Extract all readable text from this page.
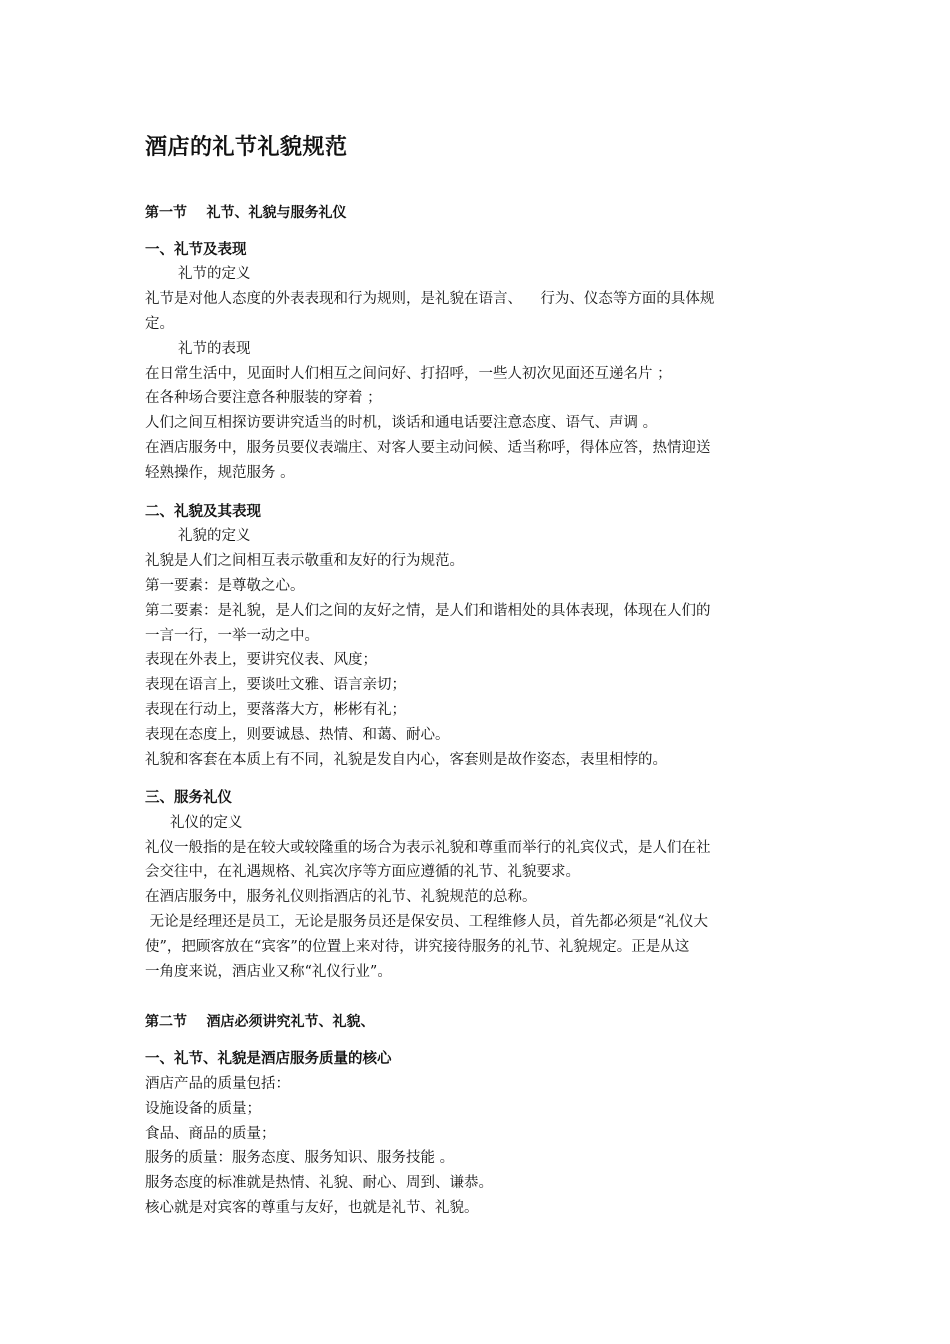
酒店的礼节礼貌规范
第一节    礼节、礼貌与服务礼仪
一、礼节及表现
礼节的定义
礼节是对他人态度的外表表现和行为规则，是礼貌在语言、    行为、仪态等方面的具体规
定。
礼节的表现
在日常生活中，见面时人们相互之间问好、打招呼，一些人初次见面还互递名片 ；
在各种场合要注意各种服装的穿着 ；
人们之间互相探访要讲究适当的时机，谈话和通电话要注意态度、语气、声调 。
在酒店服务中，服务员要仪表端庄、对客人要主动问候、适当称呼，得体应答，热情迎送
轻熟操作，规范服务 。
二、礼貌及其表现
礼貌的定义
礼貌是人们之间相互表示敬重和友好的行为规范。
第一要素：是尊敬之心。
第二要素：是礼貌，是人们之间的友好之情，是人们和谐相处的具体表现，体现在人们的
一言一行，一举一动之中。
表现在外表上，要讲究仪表、风度；
表现在语言上，要谈吐文雅、语言亲切；
表现在行动上，要落落大方，彬彬有礼；
表现在态度上，则要诚恳、热情、和蔼、耐心。
礼貌和客套在本质上有不同，礼貌是发自内心，客套则是故作姿态，表里相悖的。
三、服务礼仪
礼仪的定义
礼仪一般指的是在较大或较隆重的场合为表示礼貌和尊重而举行的礼宾仪式，是人们在社
会交往中，在礼遇规格、礼宾次序等方面应遵循的礼节、礼貌要求。
在酒店服务中，服务礼仪则指酒店的礼节、礼貌规范的总称。
无论是经理还是员工，无论是服务员还是保安员、工程维修人员，首先都必须是“礼仪大
使”，把顾客放在“宾客”的位置上来对待，讲究接待服务的礼节、礼貌规定。正是从这
一角度来说，酒店业又称“礼仪行业”。
第二节    酒店必须讲究礼节、礼貌、
一、礼节、礼貌是酒店服务质量的核心
酒店产品的质量包括：
设施设备的质量；
食品、商品的质量；
服务的质量：服务态度、服务知识、服务技能 。
服务态度的标准就是热情、礼貌、耐心、周到、谦恭。
核心就是对宾客的尊重与友好，也就是礼节、礼貌。
